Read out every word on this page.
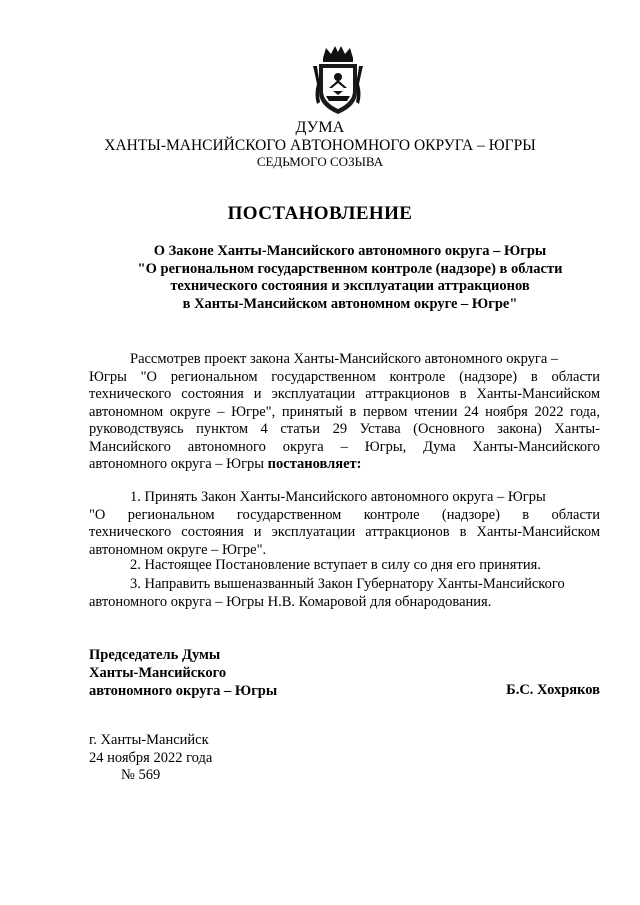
ДУМА
ХАНТЫ-МАНСИЙСКОГО АВТОНОМНОГО ОКРУГА – ЮГРЫ
СЕДЬМОГО СОЗЫВА
ПОСТАНОВЛЕНИЕ
О Законе Ханты-Мансийского автономного округа – Югры
"О региональном государственном контроле (надзоре) в области
технического состояния и эксплуатации аттракционов
в Ханты-Мансийском автономном округе – Югре"
Рассмотрев проект закона Ханты-Мансийского автономного округа –
Югры "О региональном государственном контроле (надзоре) в области
технического состояния и эксплуатации аттракционов в Ханты-Мансийском
автономном округе – Югре", принятый в первом чтении 24 ноября 2022 года,
руководствуясь пунктом 4 статьи 29 Устава (Основного закона) Ханты-
Мансийского автономного округа – Югры, Дума Ханты-Мансийского
автономного округа – Югры постановляет:
1. Принять Закон Ханты-Мансийского автономного округа – Югры
"О региональном государственном контроле (надзоре) в области
технического состояния и эксплуатации аттракционов в Ханты-Мансийском
автономном округе – Югре".
2. Настоящее Постановление вступает в силу со дня его принятия.
3. Направить вышеназванный Закон Губернатору Ханты-Мансийского
автономного округа – Югры Н.В. Комаровой для обнародования.
Председатель Думы
Ханты-Мансийского
автономного округа – Югры	Б.С. Хохряков
г. Ханты-Мансийск
24 ноября 2022 года
№ 569
